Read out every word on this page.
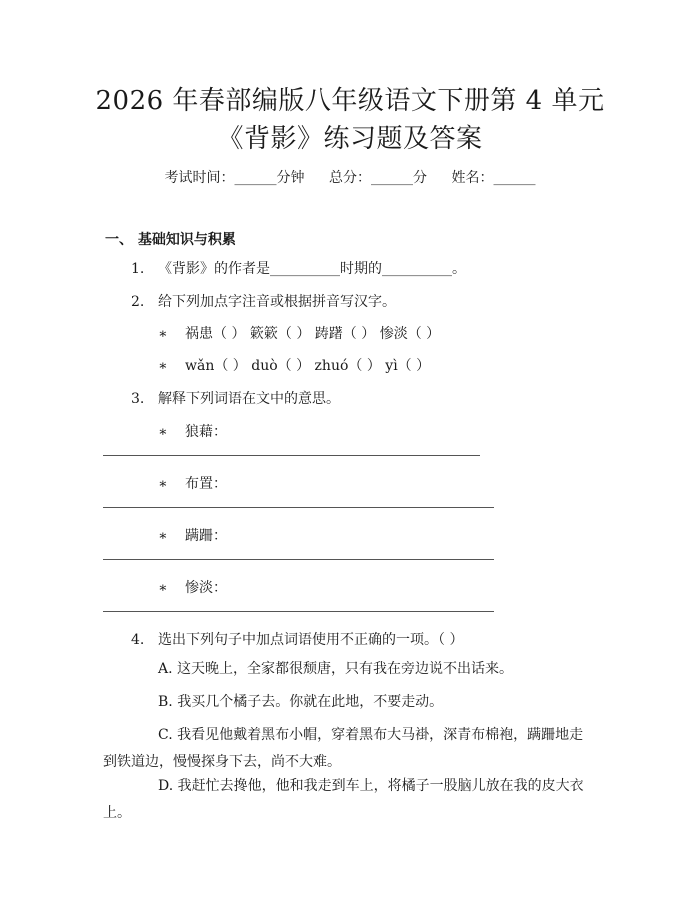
2026 年春部编版八年级语文下册第 4 单元
《背影》练习题及答案
考试时间：______分钟 总分：______分 姓名：______
一、 基础知识与积累
1. 《背影》的作者是__________时期的__________。
2. 给下列加点字注音或根据拼音写汉字。
∗ 祸患（ ） 簌簌（ ） 踌躇（ ） 惨淡（ ）
∗ wǎn（ ） duò（ ） zhuó（ ） yì（ ）
3. 解释下列词语在文中的意思。
∗ 狼藉：
∗ 布置：
∗ 蹒跚：
∗ 惨淡：
4. 选出下列句子中加点词语使用不正确的一项。（ ）
A. 这天晚上，全家都很颓唐，只有我在旁边说不出话来。
B. 我买几个橘子去。你就在此地，不要走动。
C. 我看见他戴着黑布小帽，穿着黑布大马褂，深青布棉袍，蹒跚地走到铁道边，慢慢探身下去，尚不大难。
D. 我赶忙去搀他，他和我走到车上，将橘子一股脑儿放在我的皮大衣上。
